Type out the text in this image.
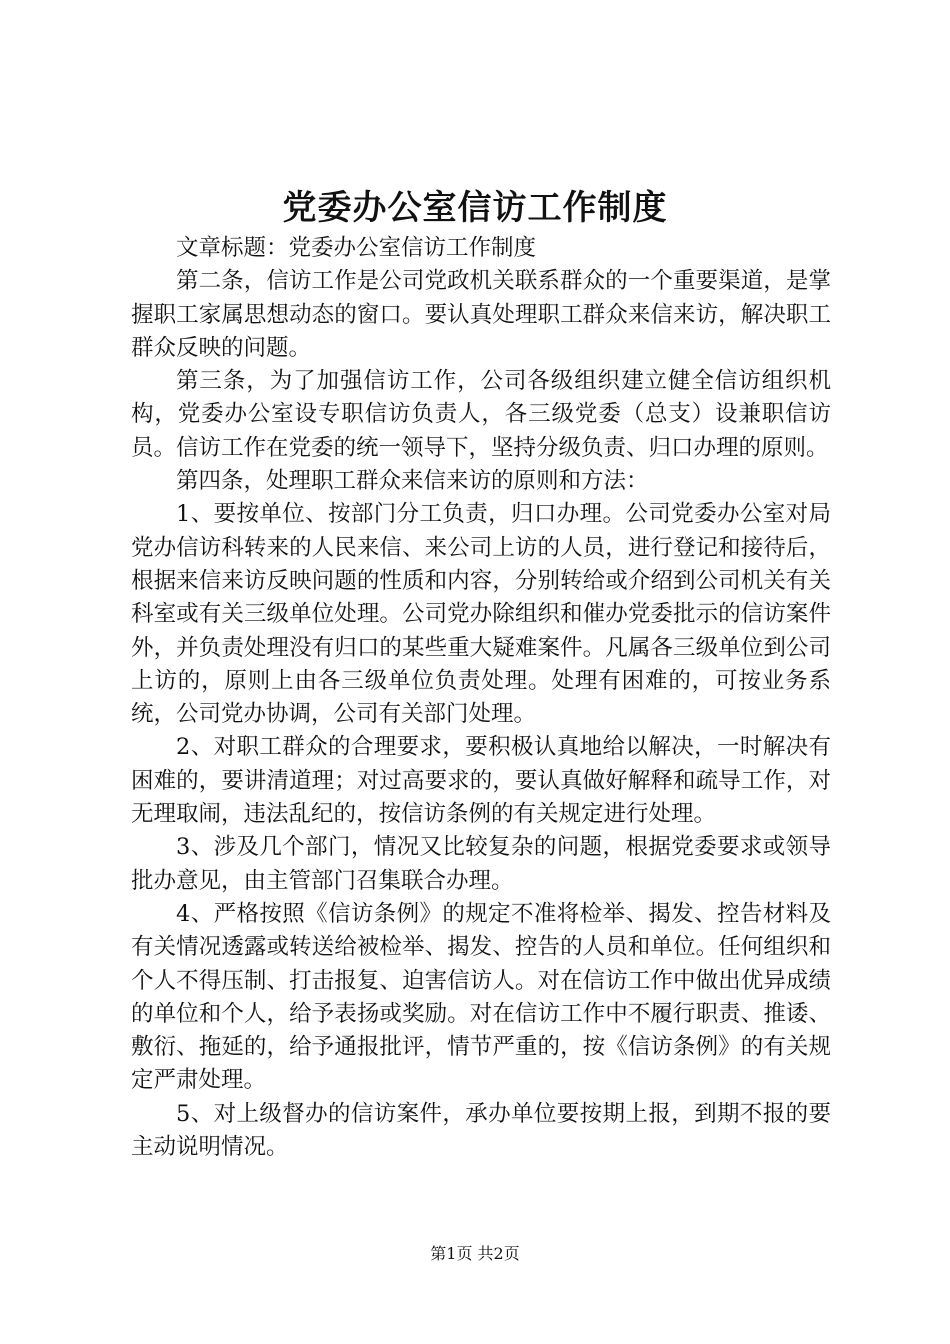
党委办公室信访工作制度

文章标题：党委办公室信访工作制度

第二条，信访工作是公司党政机关联系群众的一个重要渠道，是掌握职工家属思想动态的窗口。要认真处理职工群众来信来访，解决职工群众反映的问题。

第三条，为了加强信访工作，公司各级组织建立健全信访组织机构，党委办公室设专职信访负责人，各三级党委（总支）设兼职信访员。信访工作在党委的统一领导下，坚持分级负责、归口办理的原则。

第四条，处理职工群众来信来访的原则和方法：

1、要按单位、按部门分工负责，归口办理。公司党委办公室对局党办信访科转来的人民来信、来公司上访的人员，进行登记和接待后，根据来信来访反映问题的性质和内容，分别转给或介绍到公司机关有关科室或有关三级单位处理。公司党办除组织和催办党委批示的信访案件外，并负责处理没有归口的某些重大疑难案件。凡属各三级单位到公司上访的，原则上由各三级单位负责处理。处理有困难的，可按业务系统，公司党办协调，公司有关部门处理。

2、对职工群众的合理要求，要积极认真地给以解决，一时解决有困难的，要讲清道理；对过高要求的，要认真做好解释和疏导工作，对无理取闹，违法乱纪的，按信访条例的有关规定进行处理。

3、涉及几个部门，情况又比较复杂的问题，根据党委要求或领导批办意见，由主管部门召集联合办理。

4、严格按照《信访条例》的规定不准将检举、揭发、控告材料及有关情况透露或转送给被检举、揭发、控告的人员和单位。任何组织和个人不得压制、打击报复、迫害信访人。对在信访工作中做出优异成绩的单位和个人，给予表扬或奖励。对在信访工作中不履行职责、推诿、敷衍、拖延的，给予通报批评，情节严重的，按《信访条例》的有关规定严肃处理。

5、对上级督办的信访案件，承办单位要按期上报，到期不报的要主动说明情况。

第1页 共2页
